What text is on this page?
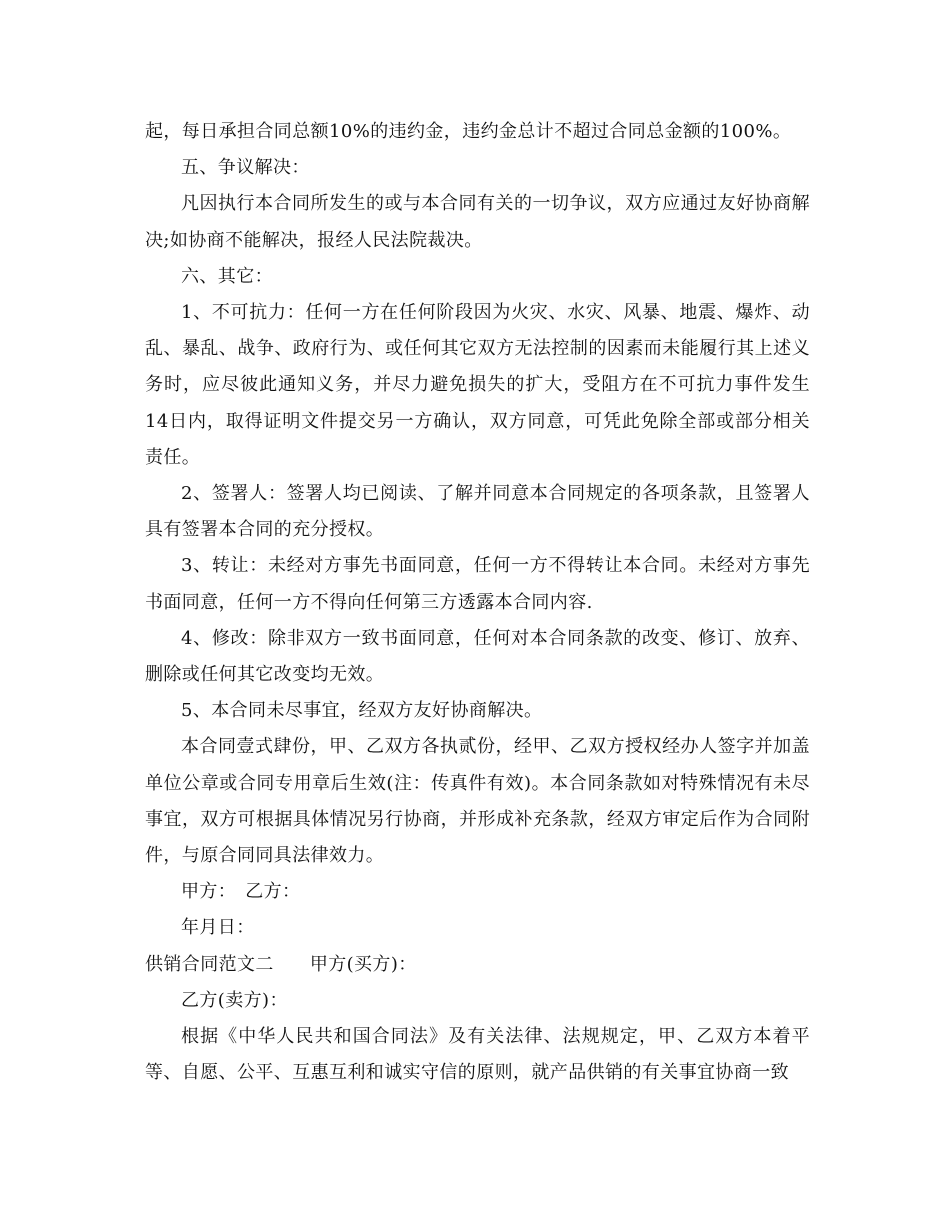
起，每日承担合同总额10%的违约金，违约金总计不超过合同总金额的100%。

五、争议解决：

凡因执行本合同所发生的或与本合同有关的一切争议，双方应通过友好协商解决;如协商不能解决，报经人民法院裁决。

六、其它：

1、不可抗力：任何一方在任何阶段因为火灾、水灾、风暴、地震、爆炸、动乱、暴乱、战争、政府行为、或任何其它双方无法控制的因素而未能履行其上述义务时，应尽彼此通知义务，并尽力避免损失的扩大，受阻方在不可抗力事件发生14日内，取得证明文件提交另一方确认，双方同意，可凭此免除全部或部分相关责任。

2、签署人：签署人均已阅读、了解并同意本合同规定的各项条款，且签署人具有签署本合同的充分授权。

3、转让：未经对方事先书面同意，任何一方不得转让本合同。未经对方事先书面同意，任何一方不得向任何第三方透露本合同内容.

4、修改：除非双方一致书面同意，任何对本合同条款的改变、修订、放弃、删除或任何其它改变均无效。

5、本合同未尽事宜，经双方友好协商解决。

本合同壹式肆份，甲、乙双方各执贰份，经甲、乙双方授权经办人签字并加盖单位公章或合同专用章后生效(注：传真件有效)。本合同条款如对特殊情况有未尽事宜，双方可根据具体情况另行协商，并形成补充条款，经双方审定后作为合同附件，与原合同同具法律效力。

甲方： 乙方：

年月日：

供销合同范文二 甲方(买方)：

乙方(卖方)：

根据《中华人民共和国合同法》及有关法律、法规规定，甲、乙双方本着平等、自愿、公平、互惠互利和诚实守信的原则，就产品供销的有关事宜协商一致
